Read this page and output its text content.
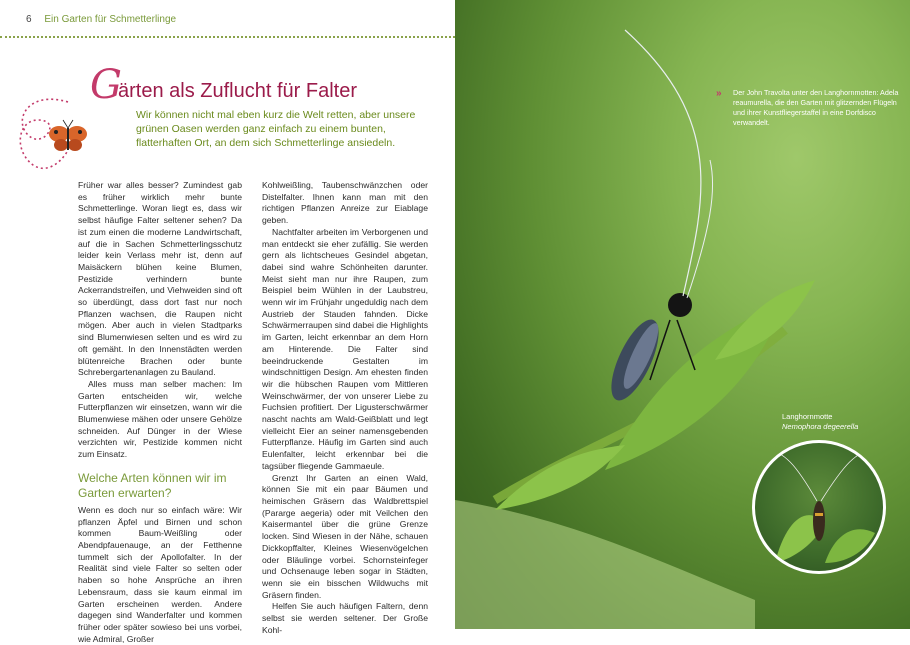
6 Ein Garten für Schmetterlinge
G
ärten als Zuflucht für Falter
Wir können nicht mal eben kurz die Welt retten, aber unsere grünen Oasen werden ganz einfach zu einem bunten, flatterhaften Ort, an dem sich Schmetterlinge ansiedeln.

Früher war alles besser? Zumindest gab es früher wirklich mehr bunte Schmetterlinge. Woran liegt es, dass wir selbst häufige Falter seltener sehen? Da ist zum einen die moderne Landwirtschaft, auf die in Sachen Schmetterlingsschutz leider kein Verlass mehr ist, denn auf Maisäckern blühen keine Blumen, Pestizide verhindern bunte Ackerrandstreifen, und Viehweiden sind oft so überdüngt, dass dort fast nur noch Pflanzen wachsen, die Raupen nicht mögen. Aber auch in vielen Stadtparks sind Blumenwiesen selten und es wird zu oft gemäht. In den Innenstädten werden blütenreiche Brachen oder bunte Schrebergartenanlagen zu Bauland.

Alles muss man selber machen: Im Garten entscheiden wir, welche Futterpflanzen wir einsetzen, wann wir die Blumenwiese mähen oder unsere Gehölze schneiden. Auf Dünger in der Wiese verzichten wir, Pestizide kommen nicht zum Einsatz.

Welche Arten können wir im Garten erwarten?

Wenn es doch nur so einfach wäre: Wir pflanzen Äpfel und Birnen und schon kommen Baum-Weißling oder Abendpfauenauge, an der Fetthenne tummelt sich der Apollofalter. In der Realität sind viele Falter so selten oder haben so hohe Ansprüche an ihren Lebensraum, dass sie kaum einmal im Garten erscheinen werden. Andere dagegen sind Wanderfalter und kommen früher oder später sowieso bei uns vorbei, wie Admiral, Großer

Kohlweißling, Taubenschwänzchen oder Distelfalter. Ihnen kann man mit den richtigen Pflanzen Anreize zur Eiablage geben.

Nachtfalter arbeiten im Verborgenen und man entdeckt sie eher zufällig. Sie werden gern als lichtscheues Gesindel abgetan, dabei sind wahre Schönheiten darunter. Meist sieht man nur ihre Raupen, zum Beispiel beim Wühlen in der Laubstreu, wenn wir im Frühjahr ungeduldig nach dem Austrieb der Stauden fahnden. Dicke Schwärmerraupen sind dabei die Highlights im Garten, leicht erkennbar an dem Horn am Hinterende. Die Falter sind beeindruckende Gestalten im windschnittigen Design. Am ehesten finden wir die hübschen Raupen vom Mittleren Weinschwärmer, der von unserer Liebe zu Fuchsien profitiert. Der Ligusterschwärmer nascht nachts am Wald-Geißblatt und legt vielleicht Eier an seiner namensgebenden Futterpflanze. Häufig im Garten sind auch Eulenfalter, leicht erkennbar bei die tagsüber fliegende Gammaeule.

Grenzt Ihr Garten an einen Wald, können Sie mit ein paar Bäumen und heimischen Gräsern das Waldbrettspiel (Pararge aegeria) oder mit Veilchen den Kaisermantel über die grüne Grenze locken. Sind Wiesen in der Nähe, schauen Dickkopffalter, Kleines Wiesenvögelchen oder Bläulinge vorbei. Schornsteinfeger und Ochsenauge leben sogar in Städten, wenn sie ein bisschen Wildwuchs mit Gräsern finden.

Helfen Sie auch häufigen Faltern, denn selbst sie werden seltener. Der Große Kohl-

» Der John Travolta unter den Langhornmotten: Adela reaumurella, die den Garten mit glitzernden Flügeln und ihrer Kunstfliegerstaffel in eine Dorfdisco verwandelt.
Langhornmotte
Nemophora degeerella
